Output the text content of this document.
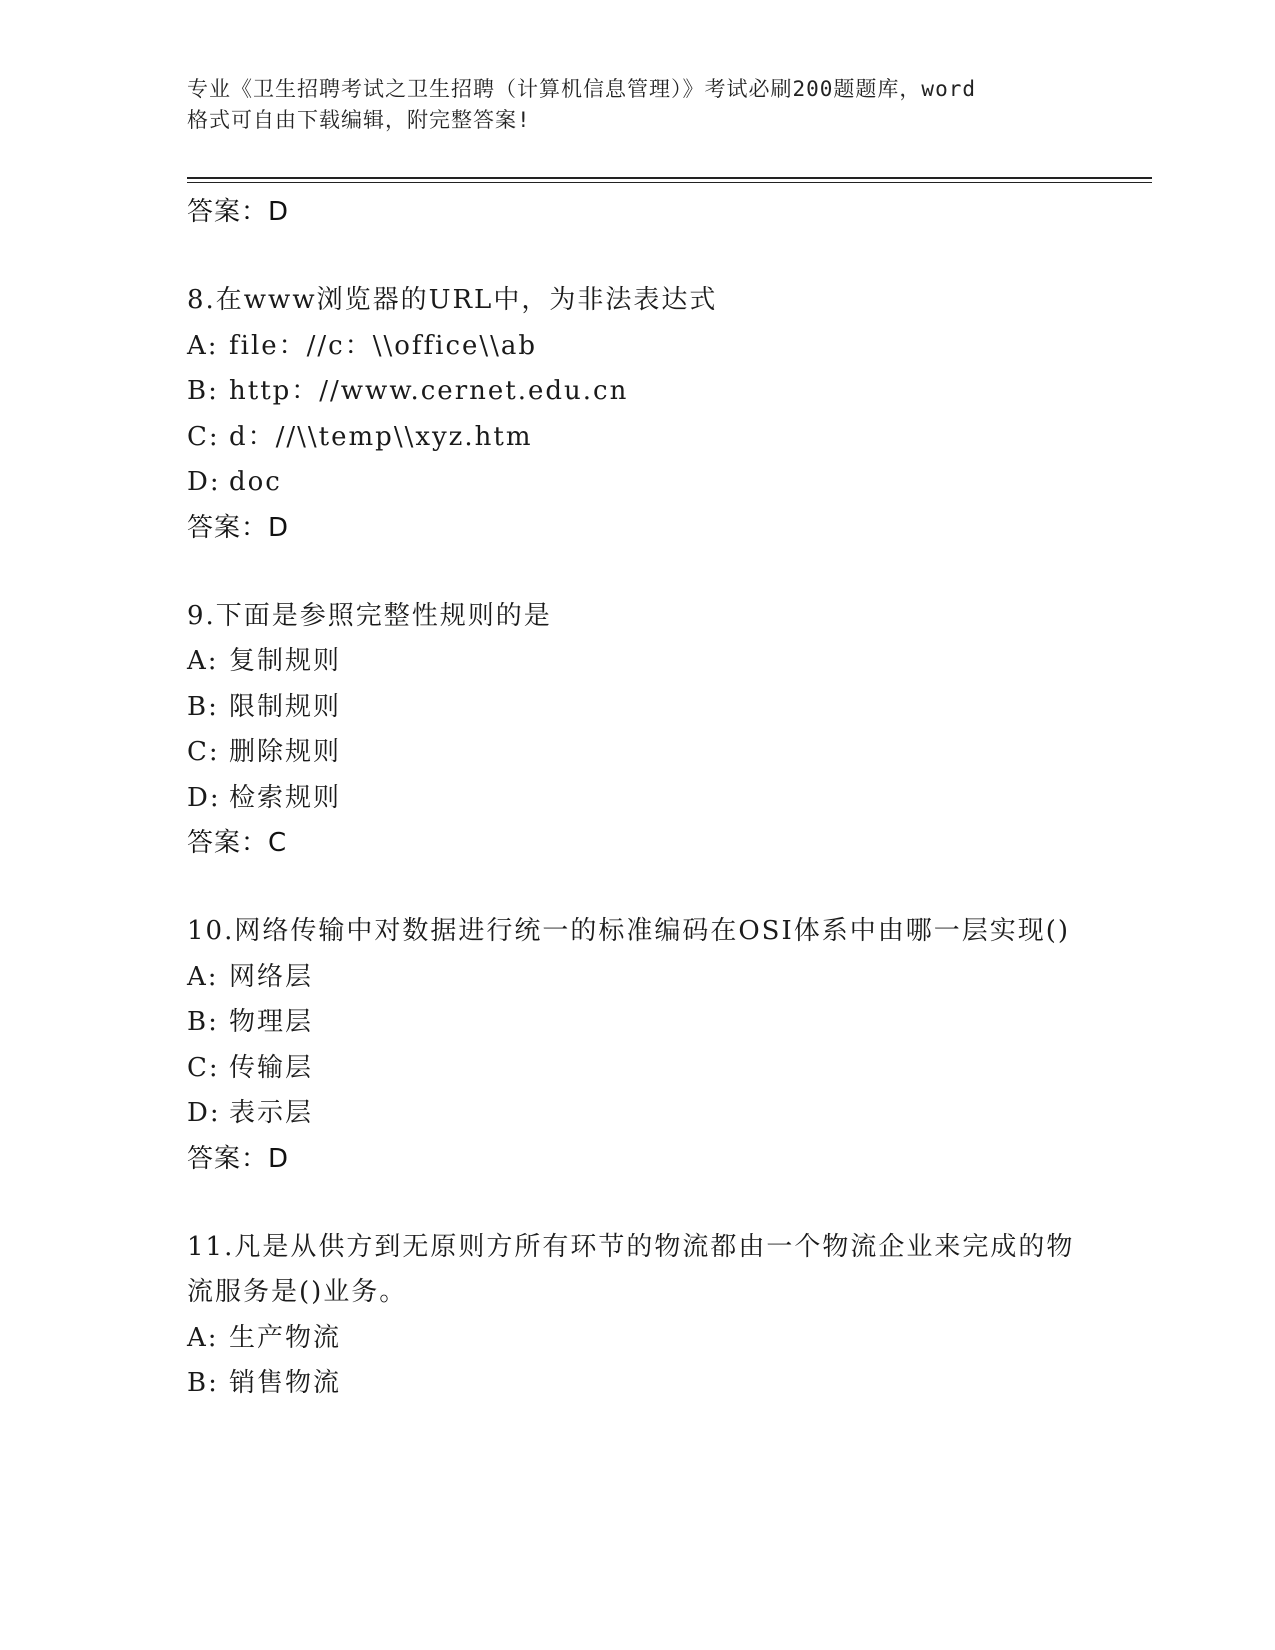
专业《卫生招聘考试之卫生招聘（计算机信息管理）》考试必刷200题题库，word
格式可自由下载编辑，附完整答案!
答案：D
8.在www浏览器的URL中，为非法表达式
A: file：//c：\\office\\ab
B: http：//www.cernet.edu.cn
C: d：//\\temp\\xyz.htm
D: doc
答案：D
9.下面是参照完整性规则的是
A: 复制规则
B: 限制规则
C: 删除规则
D: 检索规则
答案：C
10.网络传输中对数据进行统一的标准编码在OSI体系中由哪一层实现()
A: 网络层
B: 物理层
C: 传输层
D: 表示层
答案：D
11.凡是从供方到无原则方所有环节的物流都由一个物流企业来完成的物流服务是()业务。
A: 生产物流
B: 销售物流
